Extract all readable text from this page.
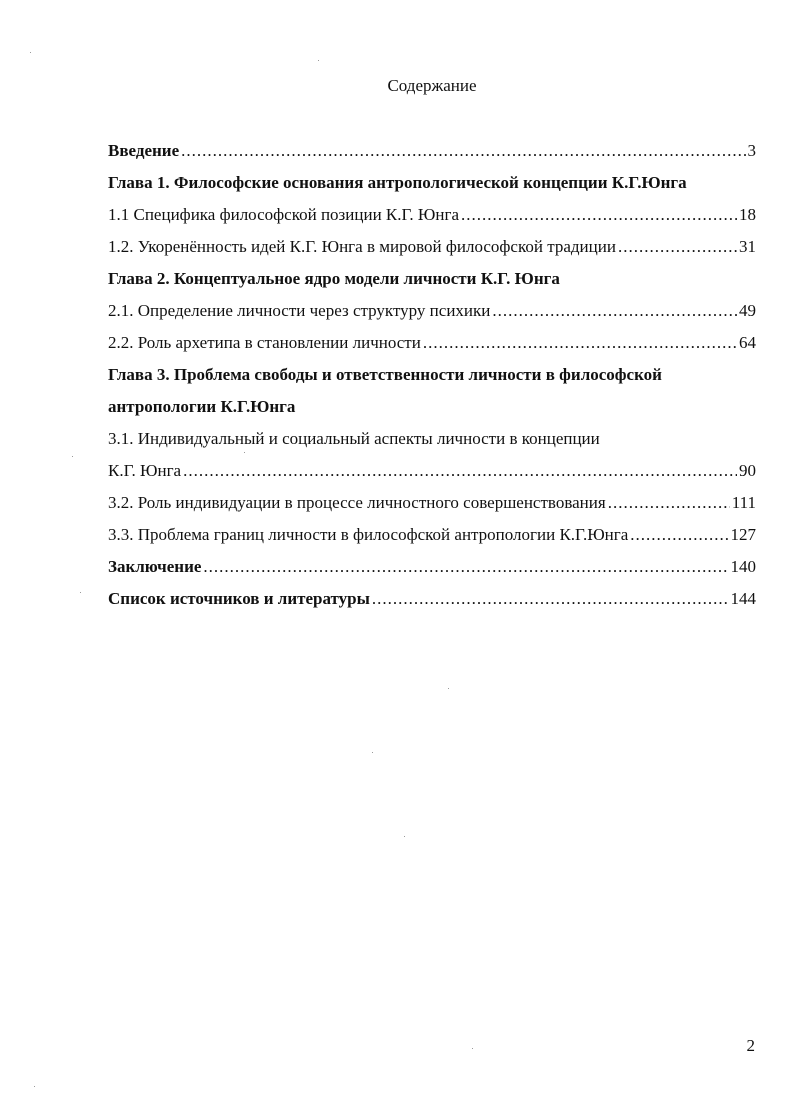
Содержание
Введение .....	3
Глава 1. Философские основания антропологической концепции К.Г.Юнга
1.1 Специфика философской позиции К.Г. Юнга .....	18
1.2. Укоренённость идей К.Г. Юнга в мировой философской традиции .....	31
Глава 2. Концептуальное ядро модели личности К.Г. Юнга
2.1. Определение личности через структуру психики .....	49
2.2. Роль архетипа в становлении личности .....	64
Глава 3. Проблема свободы и ответственности личности в философской
антропологии К.Г.Юнга
3.1. Индивидуальный и социальный аспекты личности в концепции
К.Г. Юнга .....	90
3.2. Роль индивидуации в процессе личностного совершенствования .....	111
3.3. Проблема границ личности в философской антропологии К.Г.Юнга .....	127
Заключение .....	140
Список источников и литературы .....	144
2
